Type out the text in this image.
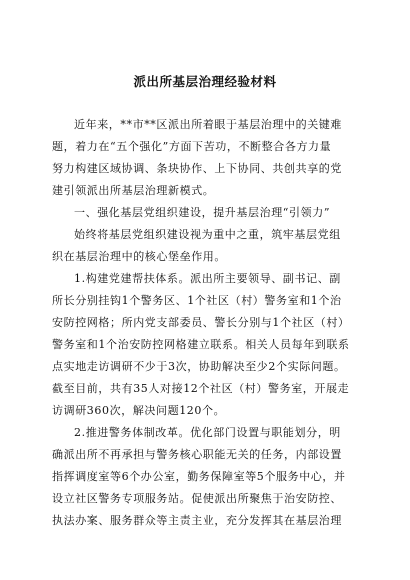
派出所基层治理经验材料

近年来，**市**区派出所着眼于基层治理中的关键难
题，着力在“五个强化”方面下苦功，不断整合各方力量
努力构建区域协调、条块协作、上下协同、共创共享的党
建引领派出所基层治理新模式。

一、强化基层党组织建设，提升基层治理“引领力”

始终将基层党组织建设视为重中之重，筑牢基层党组
织在基层治理中的核心堡垒作用。

1.构建党建帮扶体系。派出所主要领导、副书记、副
所长分别挂钩1个警务区、1个社区（村）警务室和1个治
安防控网格；所内党支部委员、警长分别与1个社区（村）
警务室和1个治安防控网格建立联系。相关人员每年到联系
点实地走访调研不少于3次，协助解决至少2个实际问题。
截至目前，共有35人对接12个社区（村）警务室，开展走
访调研360次，解决问题120个。

2.推进警务体制改革。优化部门设置与职能划分，明
确派出所不再承担与警务核心职能无关的任务，内部设置
指挥调度室等6个办公室，勤务保障室等5个服务中心，并
设立社区警务专项服务站。促使派出所聚焦于治安防控、
执法办案、服务群众等主责主业，充分发挥其在基层治理
